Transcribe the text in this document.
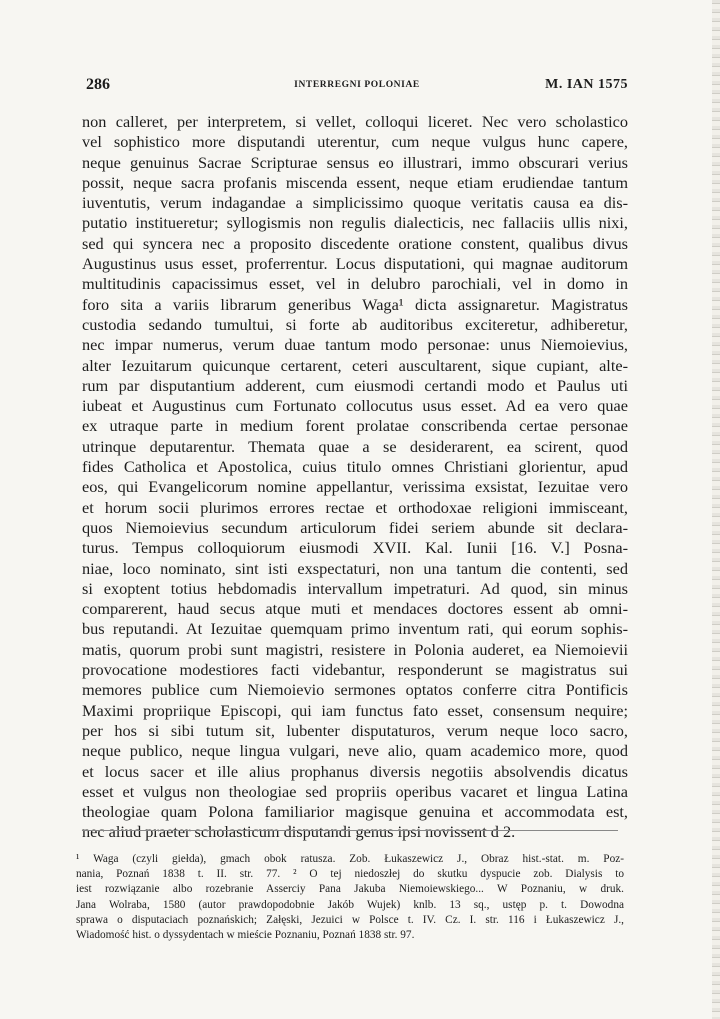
286	INTERREGNI POLONIAE	M. IAN 1575
non calleret, per interpretem, si vellet, colloqui liceret. Nec vero scholastico
vel sophistico more disputandi uterentur, cum neque vulgus hunc capere,
neque genuinus Sacrae Scripturae sensus eo illustrari, immo obscurari verius
possit, neque sacra profanis miscenda essent, neque etiam erudiendae tantum
iuventutis, verum indagandae a simplicissimo quoque veritatis causa ea dis-
putatio institueretur; syllogismis non regulis dialecticis, nec fallaciis ullis nixi,
sed qui syncera nec a proposito discedente oratione constent, qualibus divus
Augustinus usus esset, proferrentur. Locus disputationi, qui magnae auditorum
multitudinis capacissimus esset, vel in delubro parochiali, vel in domo in
foro sita a variis librarum generibus Waga¹ dicta assignaretur. Magistratus
custodia sedando tumultui, si forte ab auditoribus exciteretur, adhiberetur,
nec impar numerus, verum duae tantum modo personae: unus Niemoievius,
alter Iezuitarum quicunque certarent, ceteri auscultarent, sique cupiant, alte-
rum par disputantium adderent, cum eiusmodi certandi modo et Paulus uti
iubeat et Augustinus cum Fortunato collocutus usus esset. Ad ea vero quae
ex utraque parte in medium forent prolatae conscribenda certae personae
utrinque deputarentur. Themata quae a se desiderarent, ea scirent, quod
fides Catholica et Apostolica, cuius titulo omnes Christiani glorientur, apud
eos, qui Evangelicorum nomine appellantur, verissima exsistat, Iezuitae vero
et horum socii plurimos errores rectae et orthodoxae religioni immisceant,
quos Niemoievius secundum articulorum fidei seriem abunde sit declara-
turus. Tempus colloquiorum eiusmodi XVII. Kal. Iunii [16. V.] Posna-
niae, loco nominato, sint isti exspectaturi, non una tantum die contenti, sed
si exoptent totius hebdomadis intervallum impetraturi. Ad quod, sin minus
comparerent, haud secus atque muti et mendaces doctores essent ab omni-
bus reputandi. At Iezuitae quemquam primo inventum rati, qui eorum sophis-
matis, quorum probi sunt magistri, resistere in Polonia auderet, ea Niemoievii
provocatione modestiores facti videbantur, responderunt se magistratus sui
memores publice cum Niemoievio sermones optatos conferre citra Pontificis
Maximi propriique Episcopi, qui iam functus fato esset, consensum nequire;
per hos si sibi tutum sit, lubenter disputaturos, verum neque loco sacro,
neque publico, neque lingua vulgari, neve alio, quam academico more, quod
et locus sacer et ille alius prophanus diversis negotiis absolvendis dicatus
esset et vulgus non theologiae sed propriis operibus vacaret et lingua Latina
theologiae quam Polona familiarior magisque genuina et accommodata est,
nec aliud praeter scholasticum disputandi genus ipsi novissent d 2.
¹ Waga (czyli giełda), gmach obok ratusza. Zob. Łukaszewicz J., Obraz hist.-stat. m. Poz-
nania, Poznań 1838 t. II. str. 77. ² O tej niedoszłej do skutku dyspucie zob. Dialysis to
iest rozwiązanie albo rozebranie Asserciy Pana Jakuba Niemoiewskiego... W Poznaniu, w druk.
Jana Wolraba, 1580 (autor prawdopodobnie Jakób Wujek) knlb. 13 sq., ustęp p. t. Dowodna
sprawa o disputaciach poznańskich; Załęski, Jezuici w Polsce t. IV. Cz. I. str. 116 i Łukaszewicz J.,
Wiadomość hist. o dyssydentach w mieście Poznaniu, Poznań 1838 str. 97.
